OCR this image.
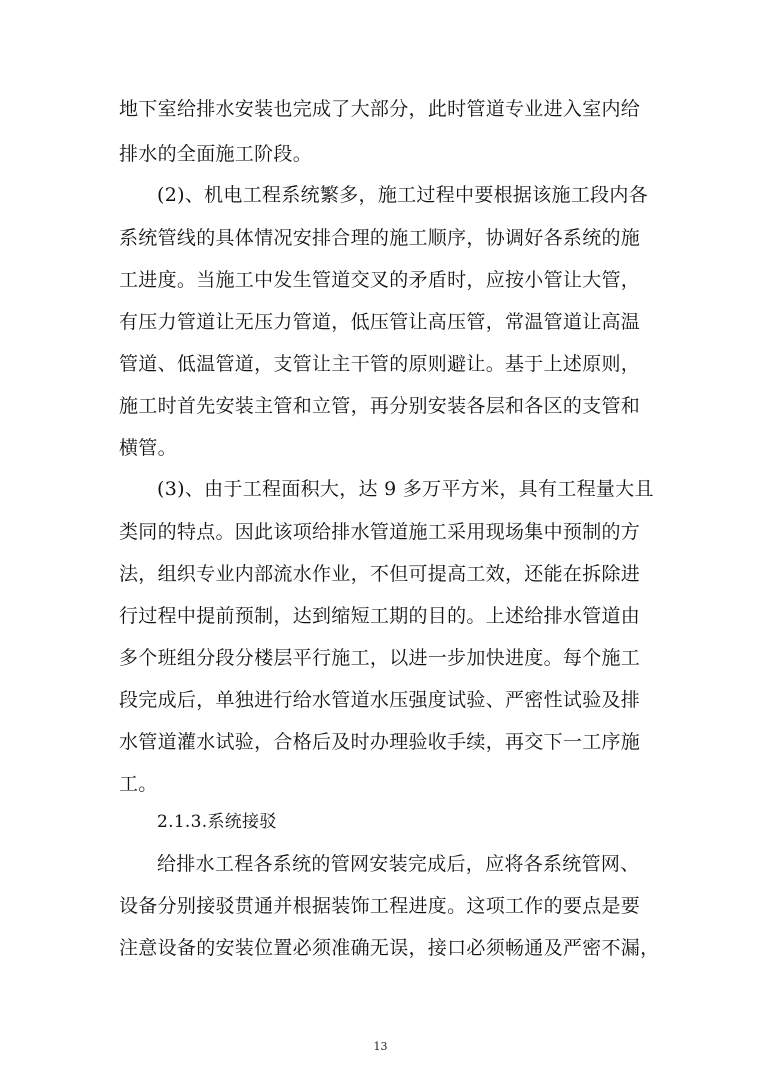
地下室给排水安装也完成了大部分，此时管道专业进入室内给
排水的全面施工阶段。
(2)、机电工程系统繁多，施工过程中要根据该施工段内各
系统管线的具体情况安排合理的施工顺序，协调好各系统的施
工进度。当施工中发生管道交叉的矛盾时，应按小管让大管，
有压力管道让无压力管道，低压管让高压管，常温管道让高温
管道、低温管道，支管让主干管的原则避让。基于上述原则，
施工时首先安装主管和立管，再分别安装各层和各区的支管和
横管。
(3)、由于工程面积大，达 9 多万平方米，具有工程量大且
类同的特点。因此该项给排水管道施工采用现场集中预制的方
法，组织专业内部流水作业，不但可提高工效，还能在拆除进
行过程中提前预制，达到缩短工期的目的。上述给排水管道由
多个班组分段分楼层平行施工，以进一步加快进度。每个施工
段完成后，单独进行给水管道水压强度试验、严密性试验及排
水管道灌水试验，合格后及时办理验收手续，再交下一工序施
工。
2.1.3.系统接驳
给排水工程各系统的管网安装完成后，应将各系统管网、
设备分别接驳贯通并根据装饰工程进度。这项工作的要点是要
注意设备的安装位置必须准确无误，接口必须畅通及严密不漏，
13
